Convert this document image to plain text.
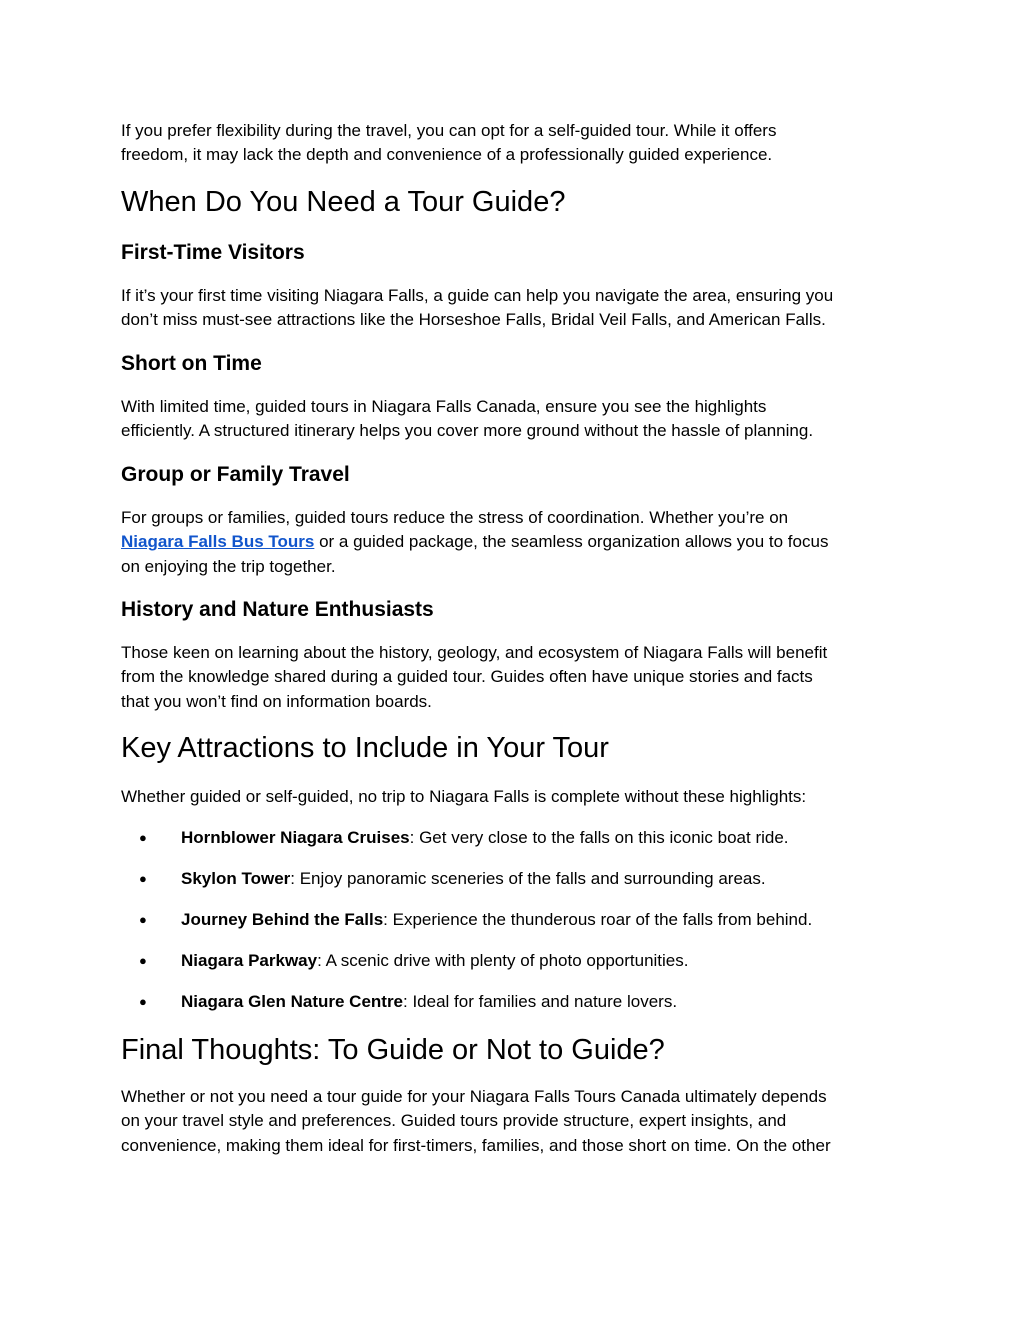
If you prefer flexibility during the travel, you can opt for a self-guided tour. While it offers
freedom, it may lack the depth and convenience of a professionally guided experience.

When Do You Need a Tour Guide?
First-Time Visitors

If it’s your first time visiting Niagara Falls, a guide can help you navigate the area, ensuring you
don’t miss must-see attractions like the Horseshoe Falls, Bridal Veil Falls, and American Falls.

Short on Time

With limited time, guided tours in Niagara Falls Canada, ensure you see the highlights
efficiently. A structured itinerary helps you cover more ground without the hassle of planning.

Group or Family Travel

For groups or families, guided tours reduce the stress of coordination. Whether you’re on
Niagara Falls Bus Tours or a guided package, the seamless organization allows you to focus
on enjoying the trip together.

History and Nature Enthusiasts

Those keen on learning about the history, geology, and ecosystem of Niagara Falls will benefit
from the knowledge shared during a guided tour. Guides often have unique stories and facts
that you won’t find on information boards.

Key Attractions to Include in Your Tour

Whether guided or self-guided, no trip to Niagara Falls is complete without these highlights:

● Hornblower Niagara Cruises: Get very close to the falls on this iconic boat ride.
● Skylon Tower: Enjoy panoramic sceneries of the falls and surrounding areas.
● Journey Behind the Falls: Experience the thunderous roar of the falls from behind.
● Niagara Parkway: A scenic drive with plenty of photo opportunities.
● Niagara Glen Nature Centre: Ideal for families and nature lovers.
Final Thoughts: To Guide or Not to Guide?

Whether or not you need a tour guide for your Niagara Falls Tours Canada ultimately depends
on your travel style and preferences. Guided tours provide structure, expert insights, and
convenience, making them ideal for first-timers, families, and those short on time. On the other
